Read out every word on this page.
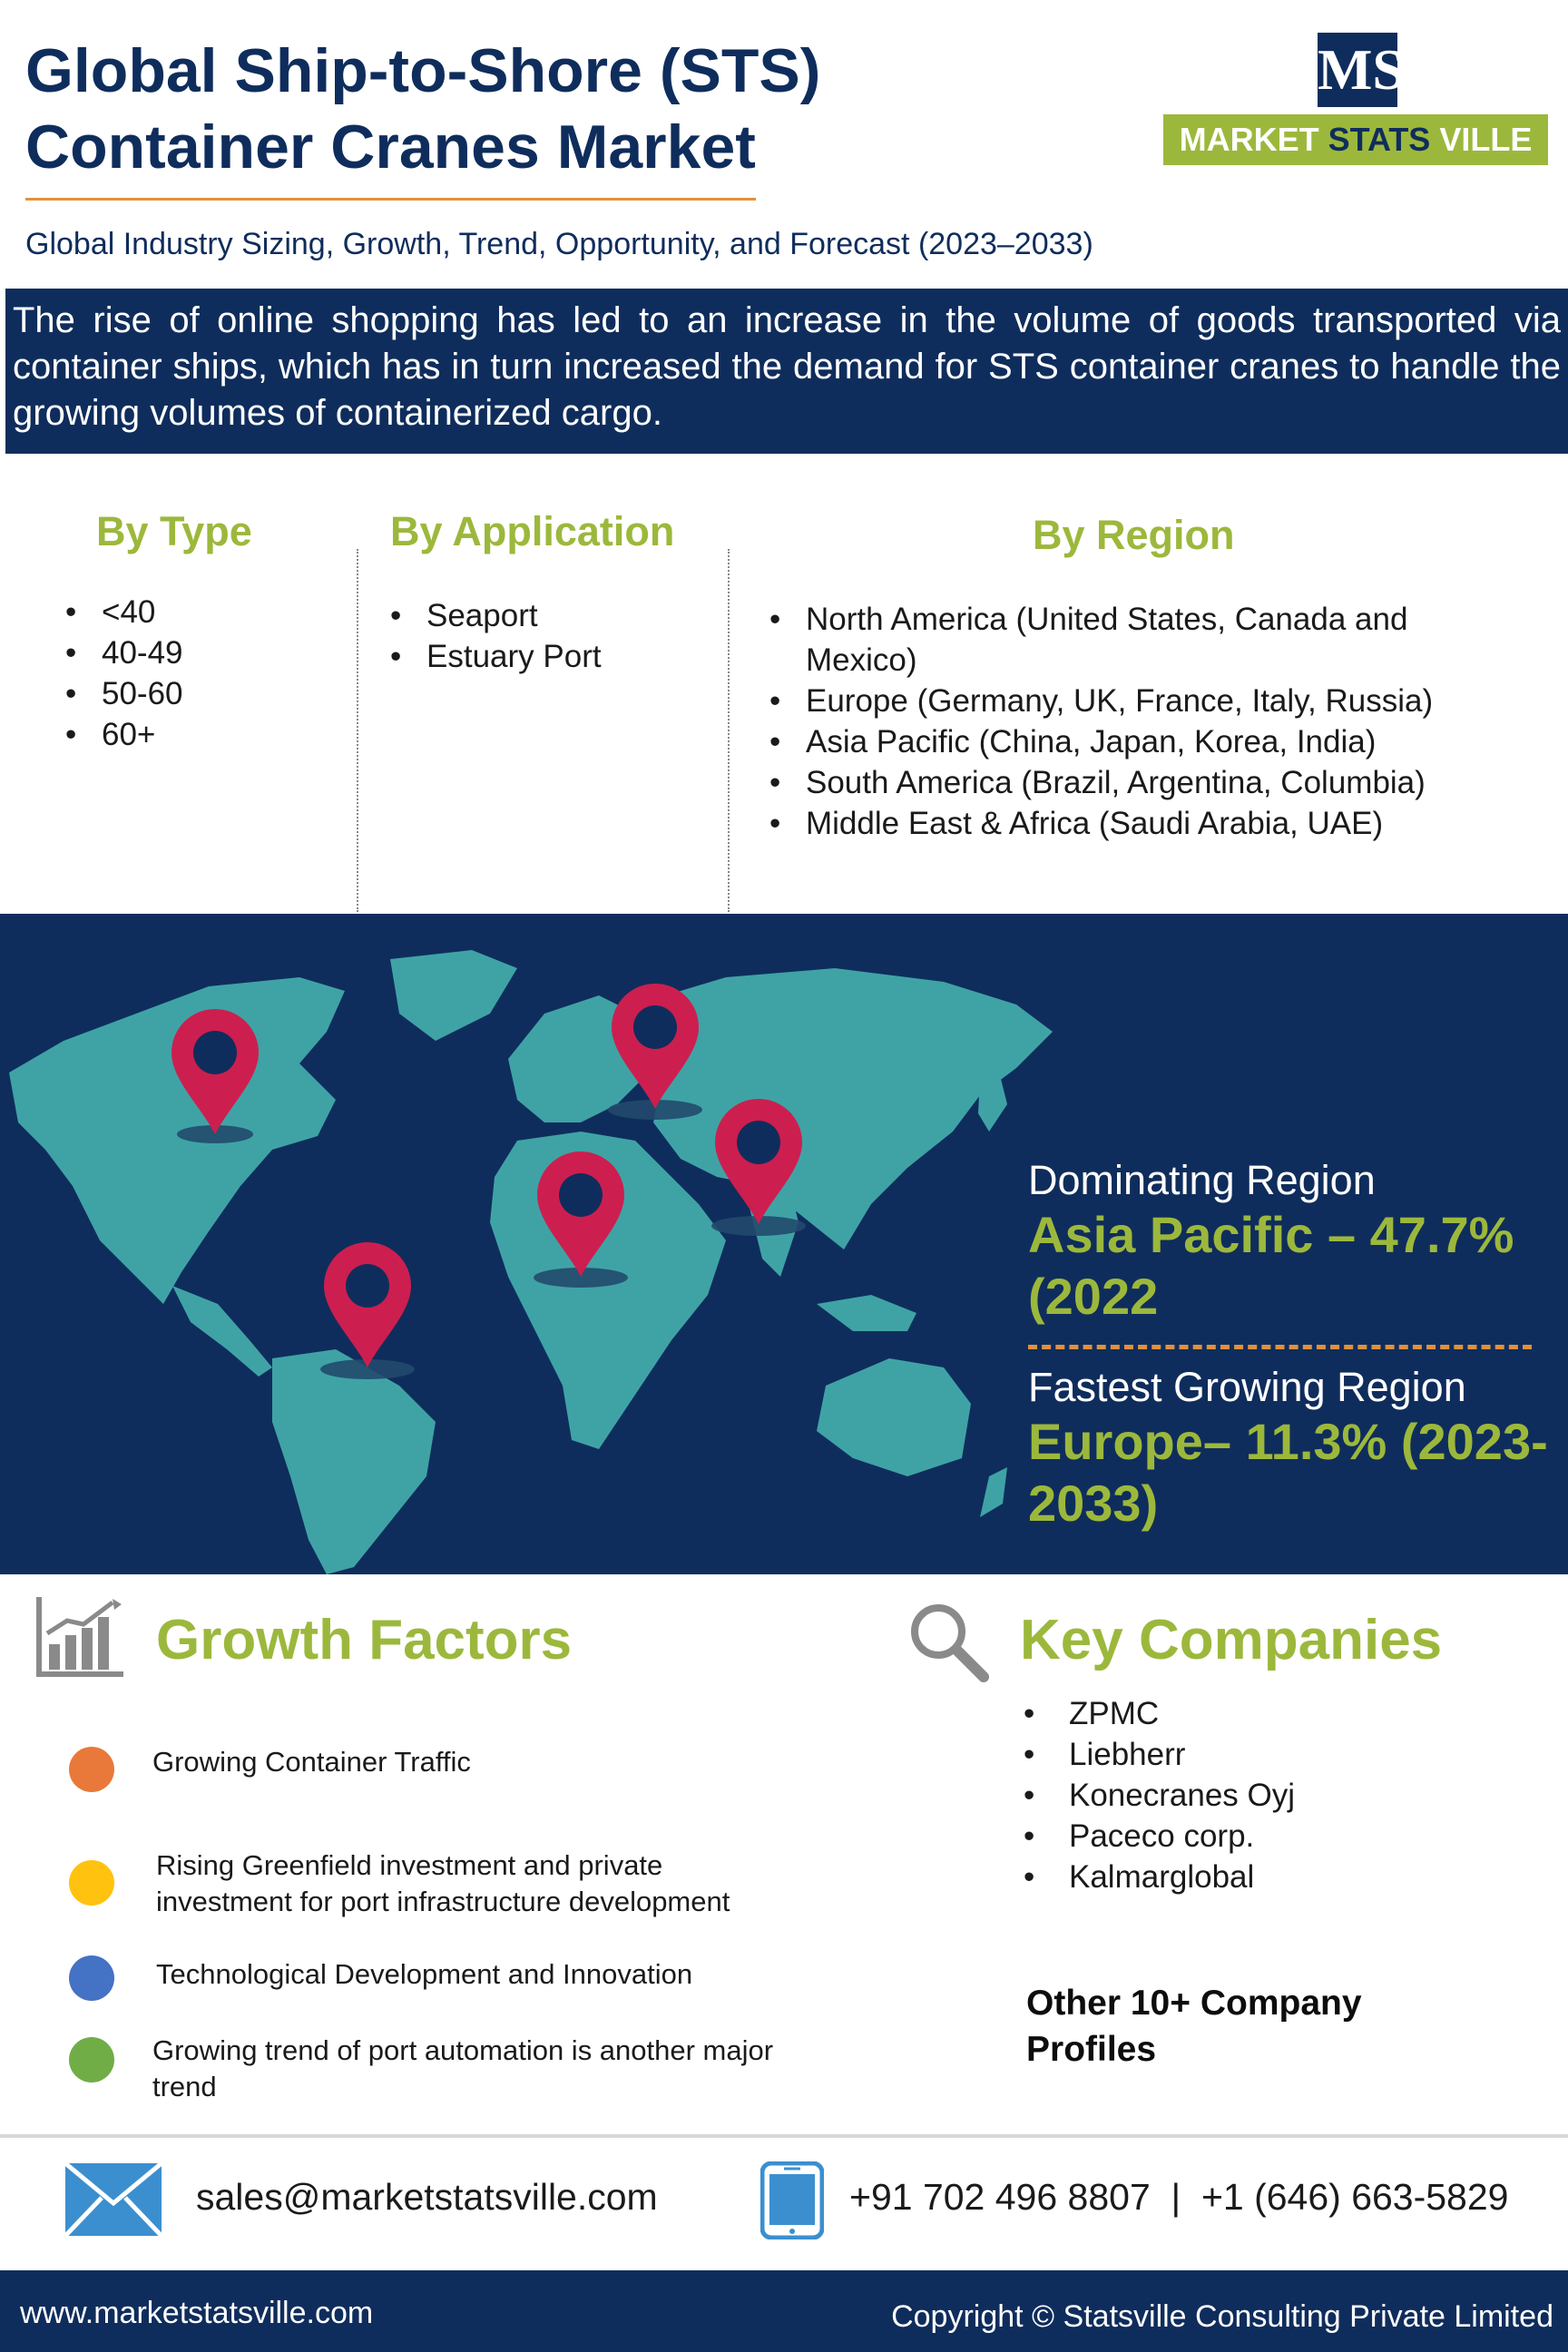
Global Ship-to-Shore (STS)
Container Cranes Market
Global Industry Sizing, Growth, Trend, Opportunity, and Forecast (2023–2033)
MS
MARKET STATS VILLE
The rise of online shopping has led to an increase in the volume of goods transported via container ships, which has in turn increased the demand for STS container cranes to handle the growing volumes of containerized cargo.
By Type
• <40
• 40-49
• 50-60
• 60+
By Application
• Seaport
• Estuary Port
By Region
• North America (United States, Canada and Mexico)
• Europe (Germany, UK, France, Italy, Russia)
• Asia Pacific (China, Japan, Korea, India)
• South America (Brazil, Argentina, Columbia)
• Middle East & Africa (Saudi Arabia, UAE)
Dominating Region
Asia Pacific – 47.7% (2022
Fastest Growing Region
Europe– 11.3% (2023-2033)
Growth Factors
Growing Container Traffic
Rising Greenfield investment and private investment for port infrastructure development
Technological Development and Innovation
Growing trend of port automation is another major trend
Key Companies
• ZPMC
• Liebherr
• Konecranes Oyj
• Paceco corp.
• Kalmarglobal
Other 10+ Company Profiles
sales@marketstatsville.com	+91 702 496 8807  |  +1 (646) 663-5829
www.marketstatsville.com	Copyright © Statsville Consulting Private Limited
